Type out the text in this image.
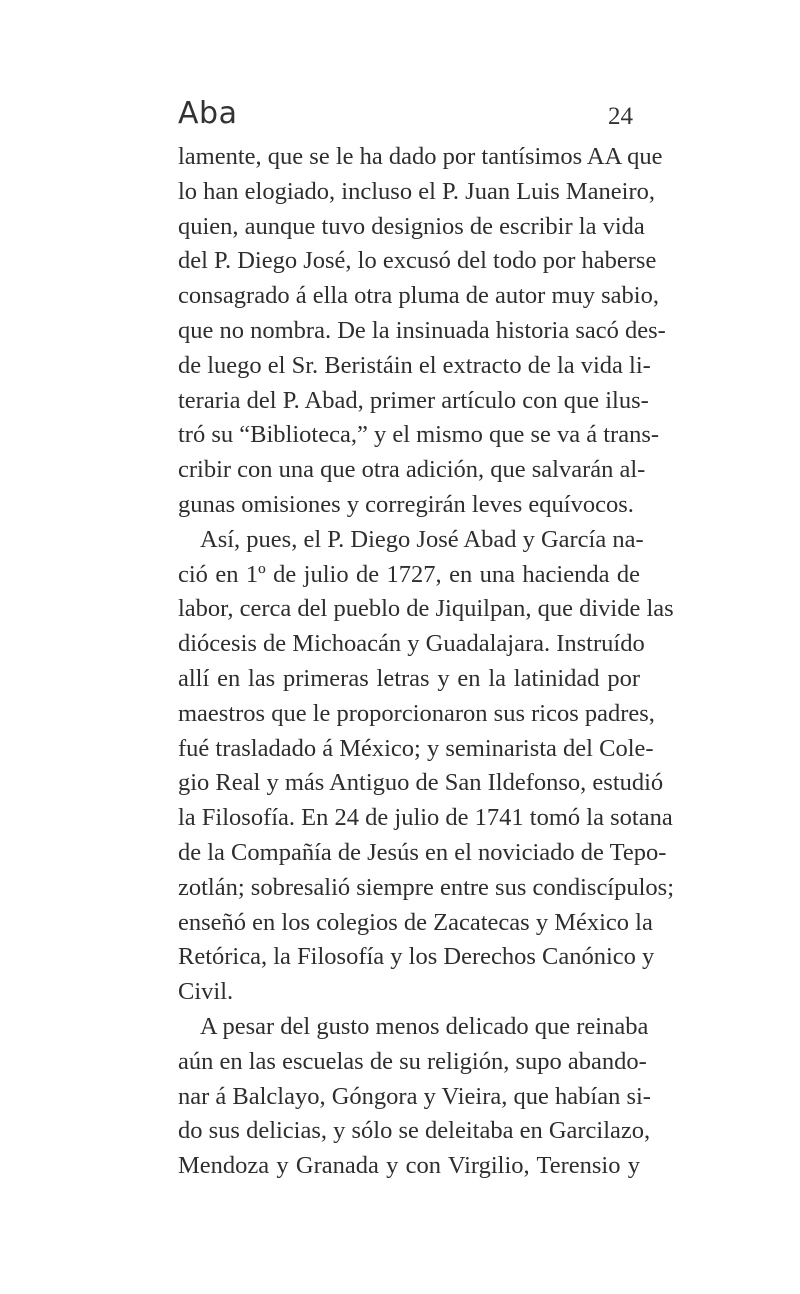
Aba	24
lamente, que se le ha dado por tantísimos AA que
lo han elogiado, incluso el P. Juan Luis Maneiro,
quien, aunque tuvo designios de escribir la vida
del P. Diego José, lo excusó del todo por haberse
consagrado á ella otra pluma de autor muy sabio,
que no nombra. De la insinuada historia sacó des-
de luego el Sr. Beristáin el extracto de la vida li-
teraria del P. Abad, primer artículo con que ilus-
tró su “Biblioteca,” y el mismo que se va á trans-
cribir con una que otra adición, que salvarán al-
gunas omisiones y corregirán leves equívocos.
Así, pues, el P. Diego José Abad y García na-
ció en 1º de julio de 1727, en una hacienda de
labor, cerca del pueblo de Jiquilpan, que divide las
diócesis de Michoacán y Guadalajara. Instruído
allí en las primeras letras y en la latinidad por
maestros que le proporcionaron sus ricos padres,
fué trasladado á México; y seminarista del Cole-
gio Real y más Antiguo de San Ildefonso, estudió
la Filosofía. En 24 de julio de 1741 tomó la sotana
de la Compañía de Jesús en el noviciado de Tepo-
zotlán; sobresalió siempre entre sus condiscípulos;
enseñó en los colegios de Zacatecas y México la
Retórica, la Filosofía y los Derechos Canónico y
Civil.
A pesar del gusto menos delicado que reinaba
aún en las escuelas de su religión, supo abando-
nar á Balclayo, Góngora y Vieira, que habían si-
do sus delicias, y sólo se deleitaba en Garcilazo,
Mendoza y Granada y con Virgilio, Terensio y
